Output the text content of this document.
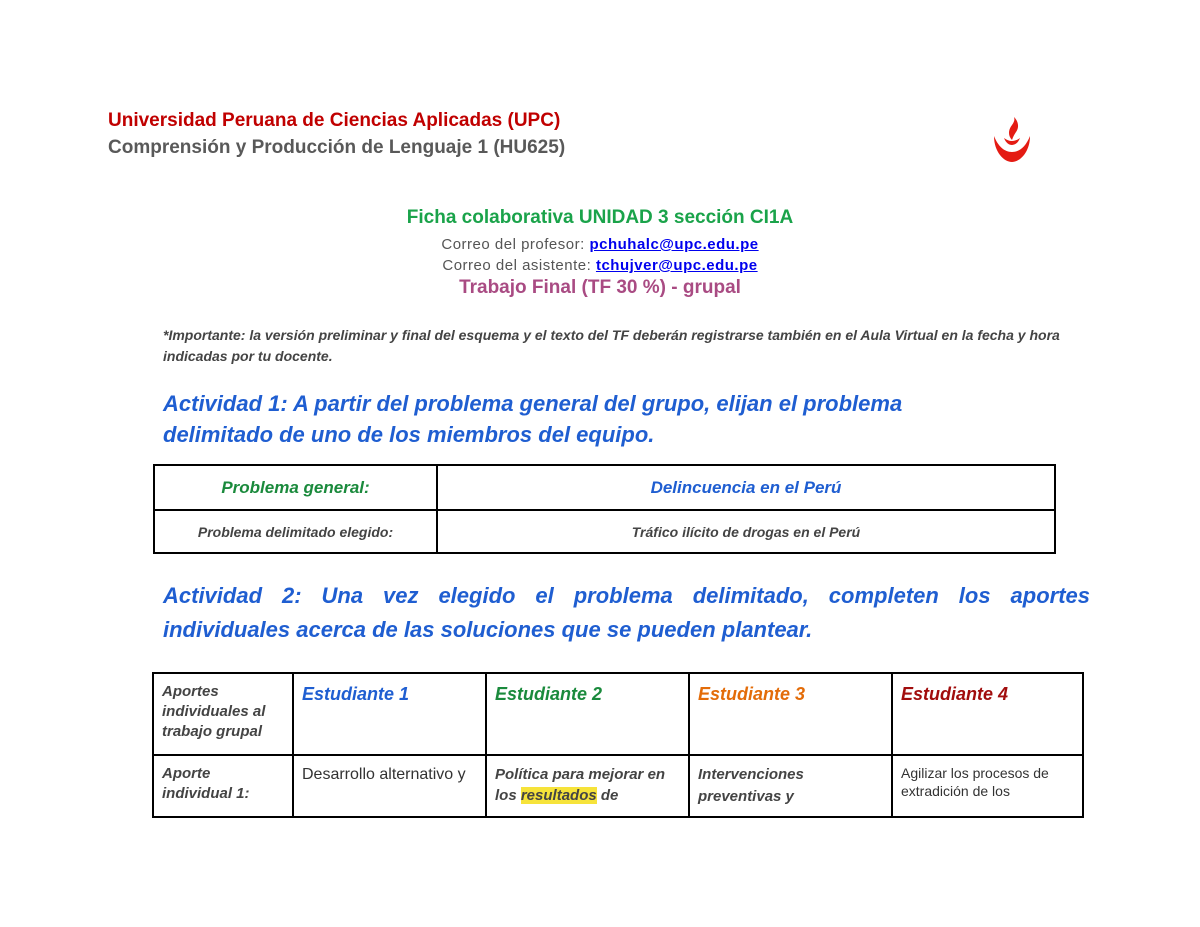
Universidad Peruana de Ciencias Aplicadas (UPC)
Comprensión y Producción de Lenguaje 1 (HU625)
Ficha colaborativa UNIDAD 3 sección CI1A
Correo del profesor: pchuhalc@upc.edu.pe
Correo del asistente: tchujver@upc.edu.pe
Trabajo Final (TF 30 %) - grupal
*Importante: la versión preliminar y final del esquema y el texto del TF deberán registrarse también en el Aula Virtual en la fecha y hora indicadas por tu docente.
Actividad 1: A partir del problema general del grupo, elijan el problema
delimitado de uno de los miembros del equipo.
Problema general:	Delincuencia en el Perú
Problema delimitado elegido:	Tráfico ilícito de drogas en el Perú
Actividad 2: Una vez elegido el problema delimitado, completen los aportes
individuales acerca de las soluciones que se pueden plantear.
Aportes individuales al trabajo grupal	Estudiante 1	Estudiante 2	Estudiante 3	Estudiante 4
Aporte individual 1:	Desarrollo alternativo y	Política para mejorar en los resultados de	Intervenciones preventivas y	Agilizar los procesos de extradición de los
